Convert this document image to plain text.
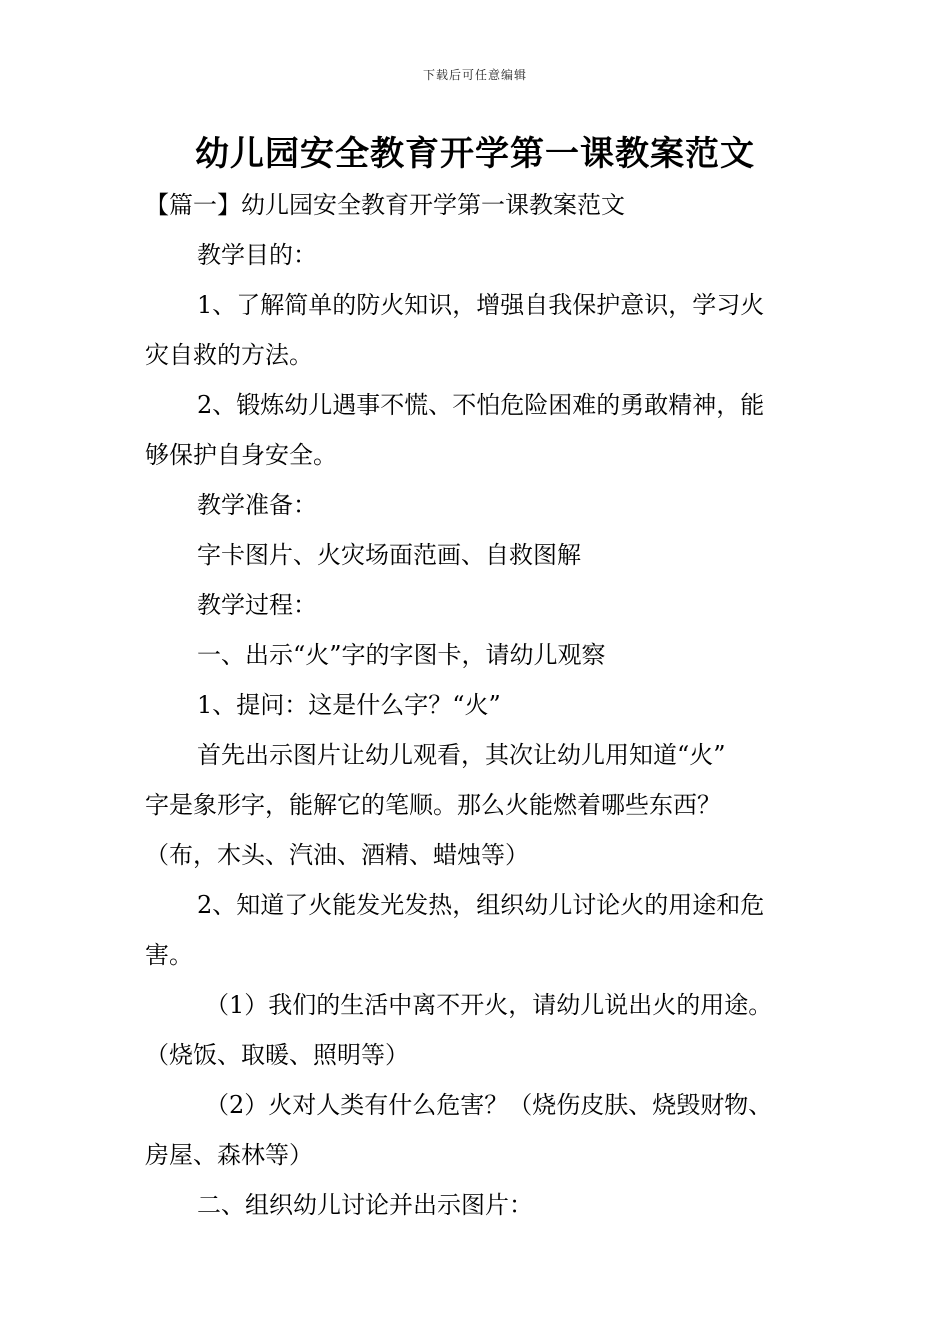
下载后可任意编辑
幼儿园安全教育开学第一课教案范文

【篇一】幼儿园安全教育开学第一课教案范文

教学目的：

1、了解简单的防火知识，增强自我保护意识，学习火

灾自救的方法。

2、锻炼幼儿遇事不慌、不怕危险困难的勇敢精神，能

够保护自身安全。

教学准备：

字卡图片、火灾场面范画、自救图解

教学过程：

一、出示“火”字的字图卡，请幼儿观察

1、提问：这是什么字？“火”

首先出示图片让幼儿观看，其次让幼儿用知道“火”

字是象形字，能解它的笔顺。那么火能燃着哪些东西？

（布，木头、汽油、酒精、蜡烛等）

2、知道了火能发光发热，组织幼儿讨论火的用途和危

害。

（1）我们的生活中离不开火，请幼儿说出火的用途。

（烧饭、取暖、照明等）

（2）火对人类有什么危害？（烧伤皮肤、烧毁财物、

房屋、森林等）

二、组织幼儿讨论并出示图片：
